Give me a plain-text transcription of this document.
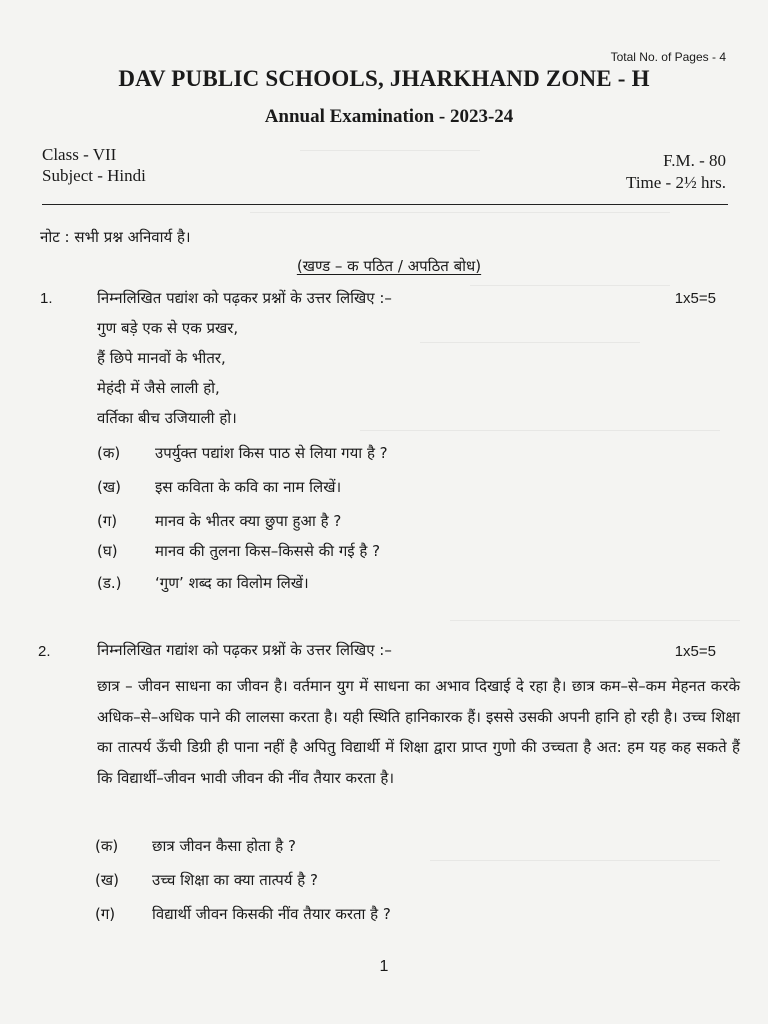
Total No. of Pages - 4
DAV PUBLIC SCHOOLS, JHARKHAND ZONE - H
Annual Examination - 2023-24
Class - VII
Subject - Hindi
F.M. - 80
Time - 2½ hrs.
नोट : सभी प्रश्न अनिवार्य है।
(खण्ड – क पठित / अपठित बोध)
1.	निम्नलिखित पद्यांश को पढ़कर प्रश्नों के उत्तर लिखिए :–	1x5=5
गुण बड़े एक से एक प्रखर,
हैं छिपे मानवों के भीतर,
मेहंदी में जैसे लाली हो,
वर्तिका बीच उजियाली हो।
(क) उपर्युक्त पद्यांश किस पाठ से लिया गया है ?
(ख) इस कविता के कवि का नाम लिखें।
(ग)	मानव के भीतर क्या छुपा हुआ है ?
(घ) मानव की तुलना किस–किससे की गई है ?
(ड.) ‘गुण’ शब्द का विलोम लिखें।
2.	निम्नलिखित गद्यांश को पढ़कर प्रश्नों के उत्तर लिखिए :–	1x5=5
छात्र – जीवन साधना का जीवन है। वर्तमान युग में साधना का अभाव दिखाई दे रहा है। छात्र कम–से–कम मेहनत करके अधिक–से–अधिक पाने की लालसा करता है। यही स्थिति हानिकारक हैं। इससे उसकी अपनी हानि हो रही है। उच्च शिक्षा का तात्पर्य ऊँची डिग्री ही पाना नहीं है अपितु विद्यार्थी में शिक्षा द्वारा प्राप्त गुणो की उच्चता है अत: हम यह कह सकते हैं कि विद्यार्थी–जीवन भावी जीवन की नींव तैयार करता है।
(क) छात्र जीवन कैसा होता है ?
(ख) उच्च शिक्षा का क्या तात्पर्य है ?
(ग) विद्यार्थी जीवन किसकी नींव तैयार करता है ?
1
